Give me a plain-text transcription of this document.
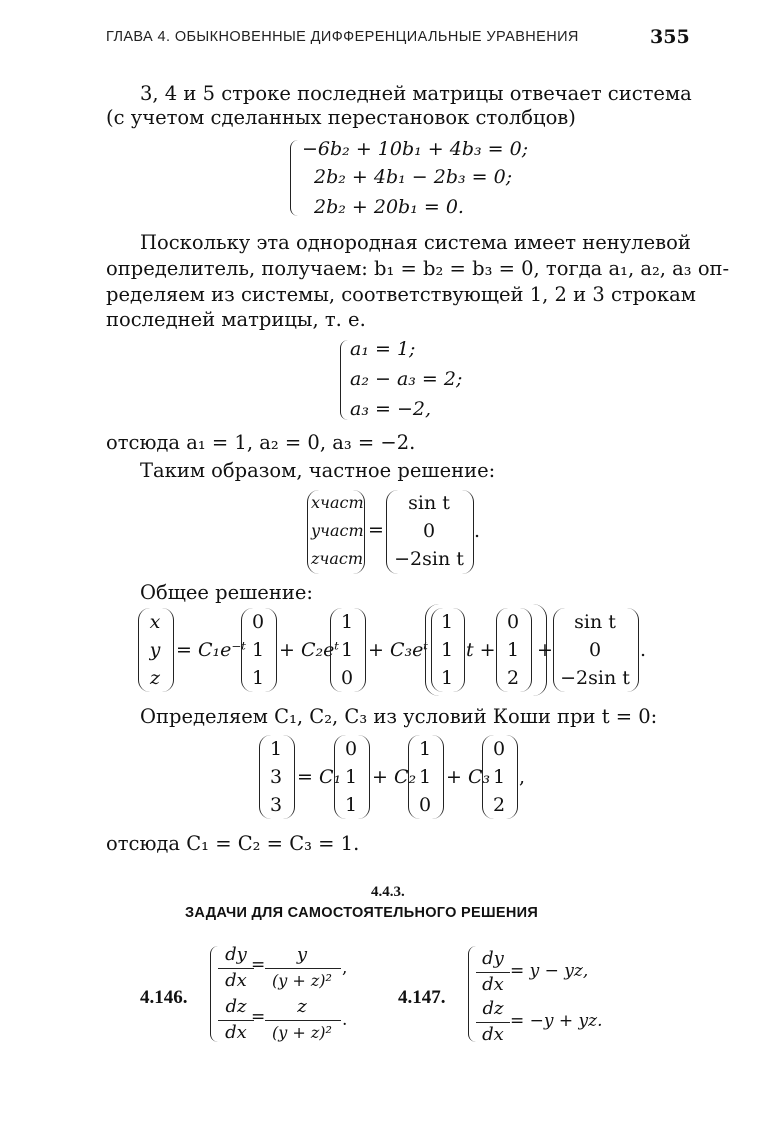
ГЛАВА 4. ОБЫКНОВЕННЫЕ ДИФФЕРЕНЦИАЛЬНЫЕ УРАВНЕНИЯ	355
3, 4 и 5 строке последней матрицы отвечает система
(с учетом сделанных перестановок столбцов)
−6b₂ + 10b₁ + 4b₃ = 0;
2b₂ + 4b₁ − 2b₃ = 0;
2b₂ + 20b₁ = 0.
Поскольку эта однородная система имеет ненулевой
определитель, получаем: b₁ = b₂ = b₃ = 0, тогда a₁, a₂, a₃ оп-
ределяем из системы, соответствующей 1, 2 и 3 строкам
последней матрицы, т. е.
a₁ = 1;
a₂ − a₃ = 2;
a₃ = −2,
отсюда a₁ = 1, a₂ = 0, a₃ = −2.
Таким образом, частное решение:
xчаст
yчаст
zчаст
=
sin t
0
−2sin t
.
Общее решение:
x
y
z
= C₁e⁻ᵗ
0
1
1
+ C₂eᵗ
1
1
0
+ C₃eᵗ
1
1
1
t +
0
1
2
+
sin t
0
−2sin t
.
Определяем C₁, C₂, C₃ из условий Коши при t = 0:
1
3
3
= C₁
0
1
1
+ C₂
1
1
0
+ C₃
0
1
2
,
отсюда C₁ = C₂ = C₃ = 1.
4.4.3.
ЗАДАЧИ ДЛЯ САМОСТОЯТЕЛЬНОГО РЕШЕНИЯ
4.146.
dy
dx
=	y
(y + z)²
,
dz
dx
=	z
(y + z)²
.
4.147.
dy
dx
= y − yz,
dz
dx
= −y + yz.
